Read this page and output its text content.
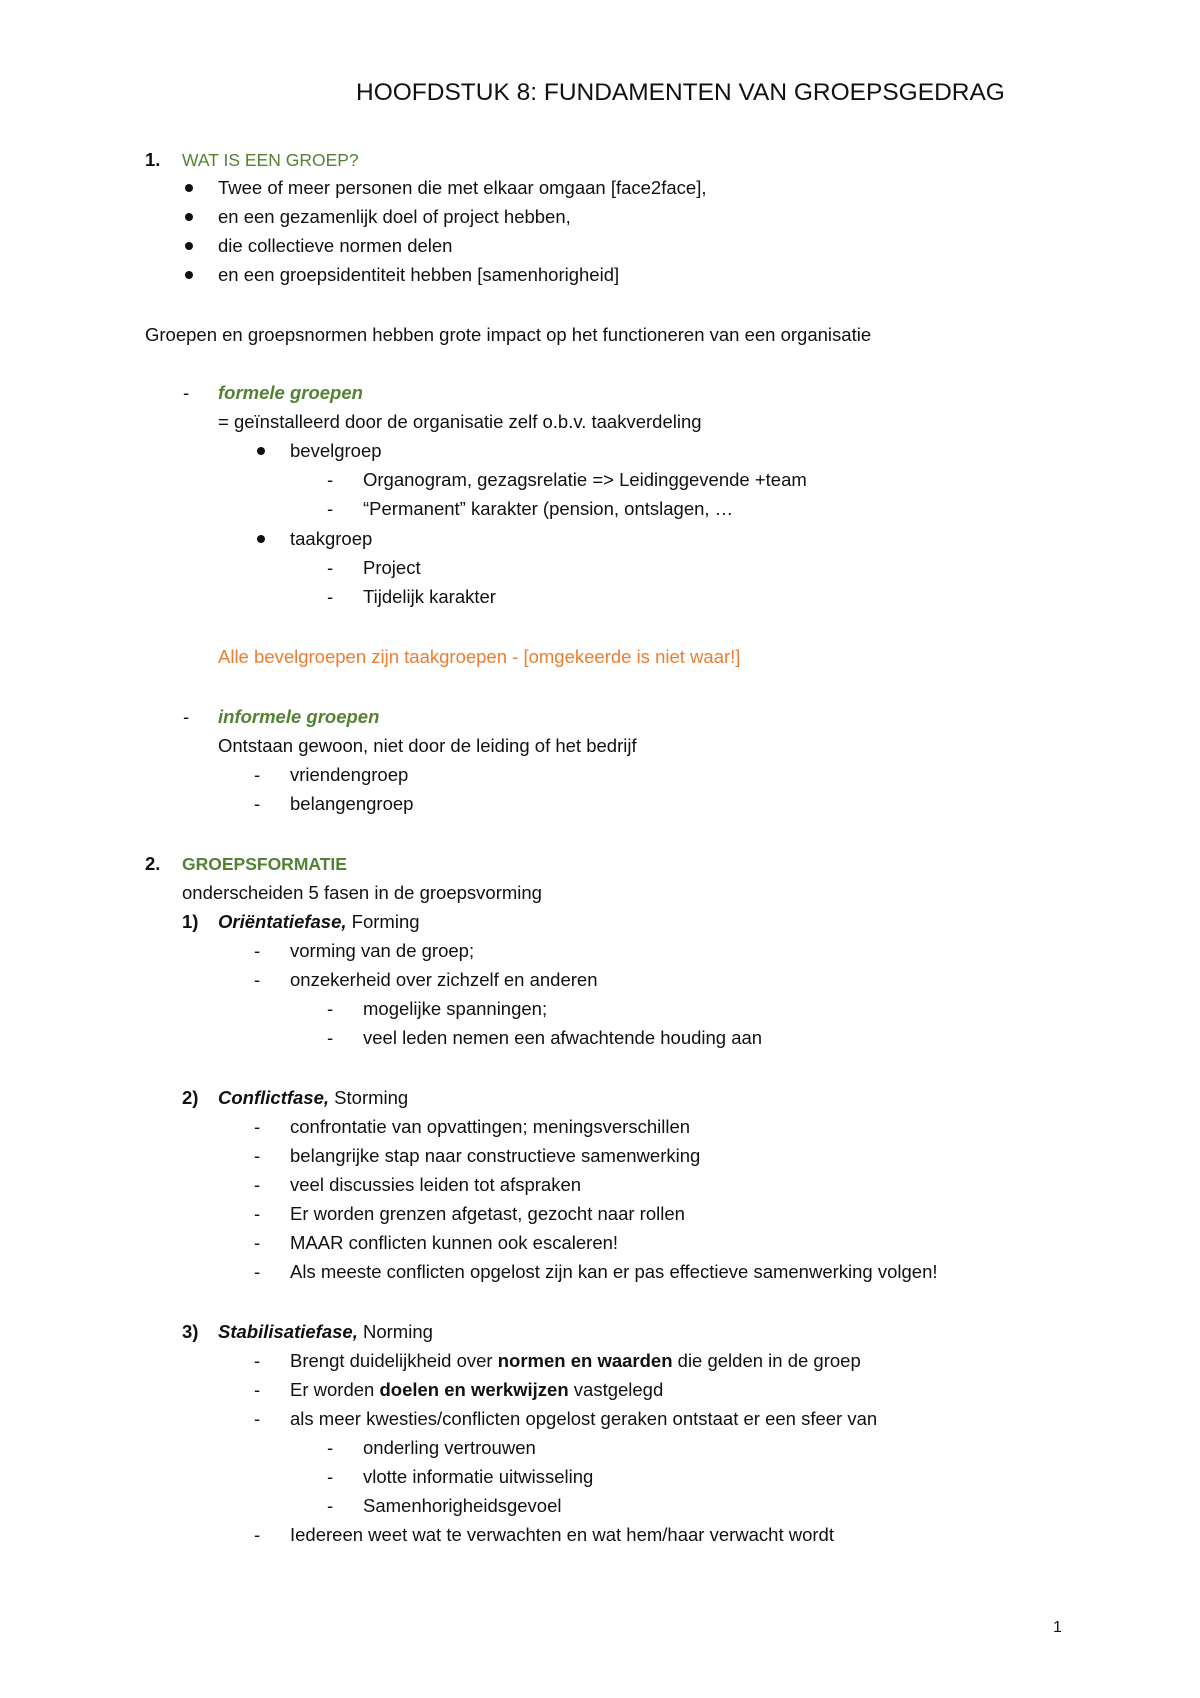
HOOFDSTUK 8: FUNDAMENTEN VAN GROEPSGEDRAG
1. WAT IS EEN GROEP?
Twee of meer personen die met elkaar omgaan [face2face],
en een gezamenlijk doel of project hebben,
die collectieve normen delen
en een groepsidentiteit hebben [samenhorigheid]
Groepen en groepsnormen hebben grote impact op het functioneren van een organisatie
- formele groepen
= geïnstalleerd door de organisatie zelf o.b.v. taakverdeling
bevelgroep
- Organogram, gezagsrelatie => Leidinggevende +team
- “Permanent” karakter (pension, ontslagen, …
taakgroep
- Project
- Tijdelijk karakter
Alle bevelgroepen zijn taakgroepen - [omgekeerde is niet waar!]
- informele groepen
Ontstaan gewoon, niet door de leiding of het bedrijf
- vriendengroep
- belangengroep
2. GROEPSFORMATIE
onderscheiden 5 fasen in de groepsvorming
1) Oriëntatiefase, Forming
- vorming van de groep;
- onzekerheid over zichzelf en anderen
- mogelijke spanningen;
- veel leden nemen een afwachtende houding aan
2) Conflictfase, Storming
- confrontatie van opvattingen; meningsverschillen
- belangrijke stap naar constructieve samenwerking
- veel discussies leiden tot afspraken
- Er worden grenzen afgetast, gezocht naar rollen
- MAAR conflicten kunnen ook escaleren!
- Als meeste conflicten opgelost zijn kan er pas effectieve samenwerking volgen!
3) Stabilisatiefase, Norming
- Brengt duidelijkheid over normen en waarden die gelden in de groep
- Er worden doelen en werkwijzen vastgelegd
- als meer kwesties/conflicten opgelost geraken ontstaat er een sfeer van
- onderling vertrouwen
- vlotte informatie uitwisseling
- Samenhorigheidsgevoel
- Iedereen weet wat te verwachten en wat hem/haar verwacht wordt
1
